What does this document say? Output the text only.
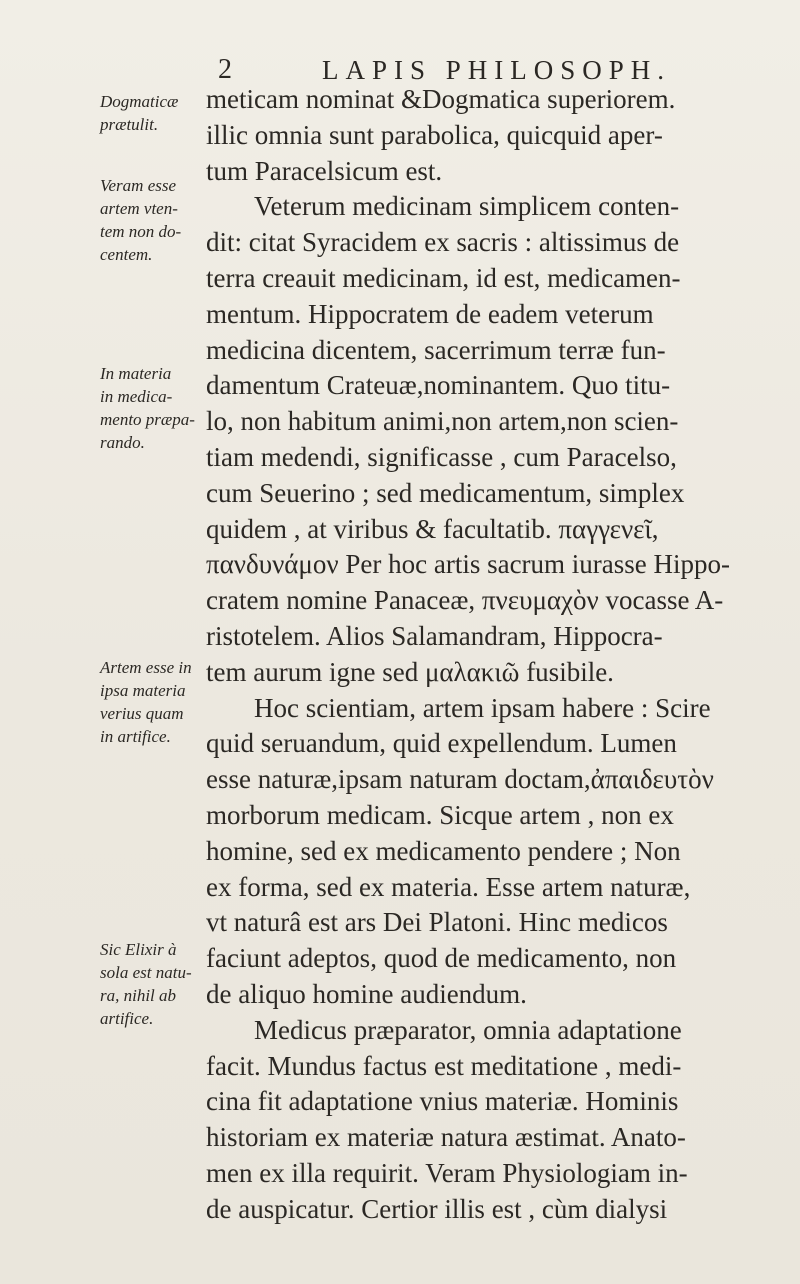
2	LAPIS PHILOSOPH.
meticam nominat &Dogmatica superiorem.
illic omnia sunt parabolica, quicquid aper-
tum Paracelsicum est.
Veterum medicinam simplicem conten-
dit: citat Syracidem ex sacris : altissimus de
terra creauit medicinam, id est, medicamen-
mentum. Hippocratem de eadem veterum
medicina dicentem, sacerrimum terræ fun-
damentum Crateuæ,nominantem. Quo titu-
lo, non habitum animi,non artem,non scien-
tiam medendi, significasse , cum Paracelso,
cum Seuerino ; sed medicamentum, simplex
quidem , at viribus & facultatib. παγγενεῖ,
πανδυνάμον Per hoc artis sacrum iurasse Hippo-
cratem nomine Panaceæ, πνευμαχὸν vocasse A-
ristotelem. Alios Salamandram, Hippocra-
tem aurum igne sed μαλακιῶ fusibile.
Hoc scientiam, artem ipsam habere : Scire
quid seruandum, quid expellendum. Lumen
esse naturæ,ipsam naturam doctam,ἀπαιδευτὸν
morborum medicam. Sicque artem , non ex
homine, sed ex medicamento pendere ; Non
ex forma, sed ex materia. Esse artem naturæ,
vt naturâ est ars Dei Platoni. Hinc medicos
faciunt adeptos, quod de medicamento, non
de aliquo homine audiendum.
Medicus præparator, omnia adaptatione
facit. Mundus factus est meditatione , medi-
cina fit adaptatione vnius materiæ. Hominis
historiam ex materiæ natura æstimat. Anato-
men ex illa requirit. Veram Physiologiam in-
de auspicatur. Certior illis est , cùm dialysi
Dogmaticæ
prætulit.
Veram esse
artem vten-
tem non do-
centem.
In materia
in medica-
mento præpa-
rando.
Artem esse in
ipsa materia
verius quam
in artifice.
Sic Elixir à
sola est natu-
ra, nihil ab
artifice.
